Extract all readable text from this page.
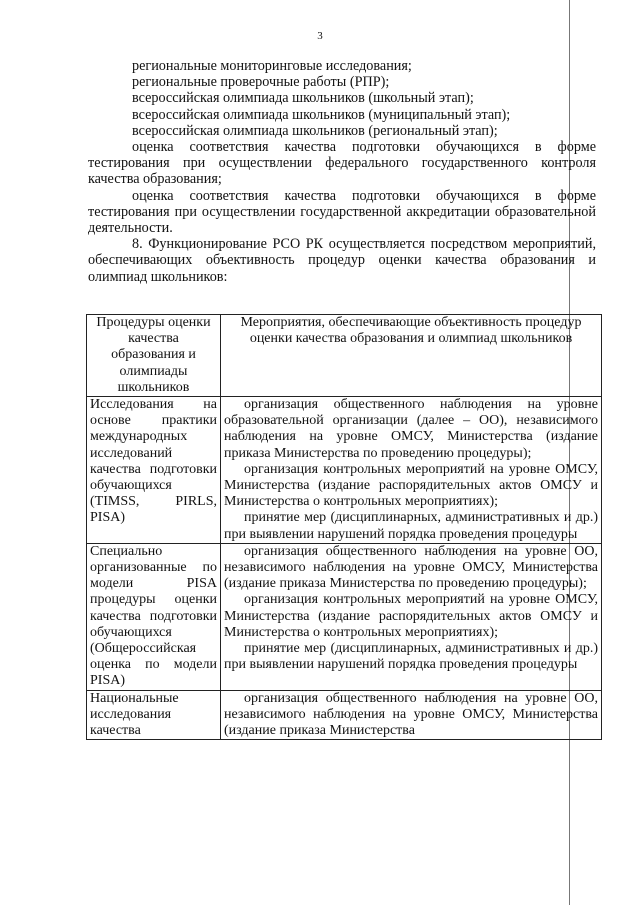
3
региональные мониторинговые исследования;
региональные проверочные работы (РПР);
всероссийская олимпиада школьников (школьный этап);
всероссийская олимпиада школьников (муниципальный этап);
всероссийская олимпиада школьников (региональный этап);

оценка соответствия качества подготовки обучающихся в форме тестирования при осуществлении федерального государственного контроля качества образования;

оценка соответствия качества подготовки обучающихся в форме тестирования при осуществлении государственной аккредитации образовательной деятельности.

8. Функционирование РСО РК осуществляется посредством мероприятий, обеспечивающих объективность процедур оценки качества образования и олимпиад школьников:

Процедуры оценки качества образования и олимпиады школьников	Мероприятия, обеспечивающие объективность процедур оценки качества образования и олимпиад школьников
Исследования на основе практики международных исследований качества подготовки обучающихся (TIMSS, PIRLS, PISA)	организация общественного наблюдения на уровне образовательной организации (далее – ОО), независимого наблюдения на уровне ОМСУ, Министерства (издание приказа Министерства по проведению процедуры);

организация контрольных мероприятий на уровне ОМСУ, Министерства (издание распорядительных актов ОМСУ и Министерства о контрольных мероприятиях);

принятие мер (дисциплинарных, административных и др.) при выявлении нарушений порядка проведения процедуры

Специально организованные по модели PISA процедуры оценки качества подготовки обучающихся (Общероссийская оценка по модели PISA)	организация общественного наблюдения на уровне ОО, независимого наблюдения на уровне ОМСУ, Министерства (издание приказа Министерства по проведению процедуры);

организация контрольных мероприятий на уровне ОМСУ, Министерства (издание распорядительных актов ОМСУ и Министерства о контрольных мероприятиях);

принятие мер (дисциплинарных, административных и др.) при выявлении нарушений порядка проведения процедуры

Национальные исследования качества	организация общественного наблюдения на уровне ОО, независимого наблюдения на уровне ОМСУ, Министерства (издание приказа Министерства
